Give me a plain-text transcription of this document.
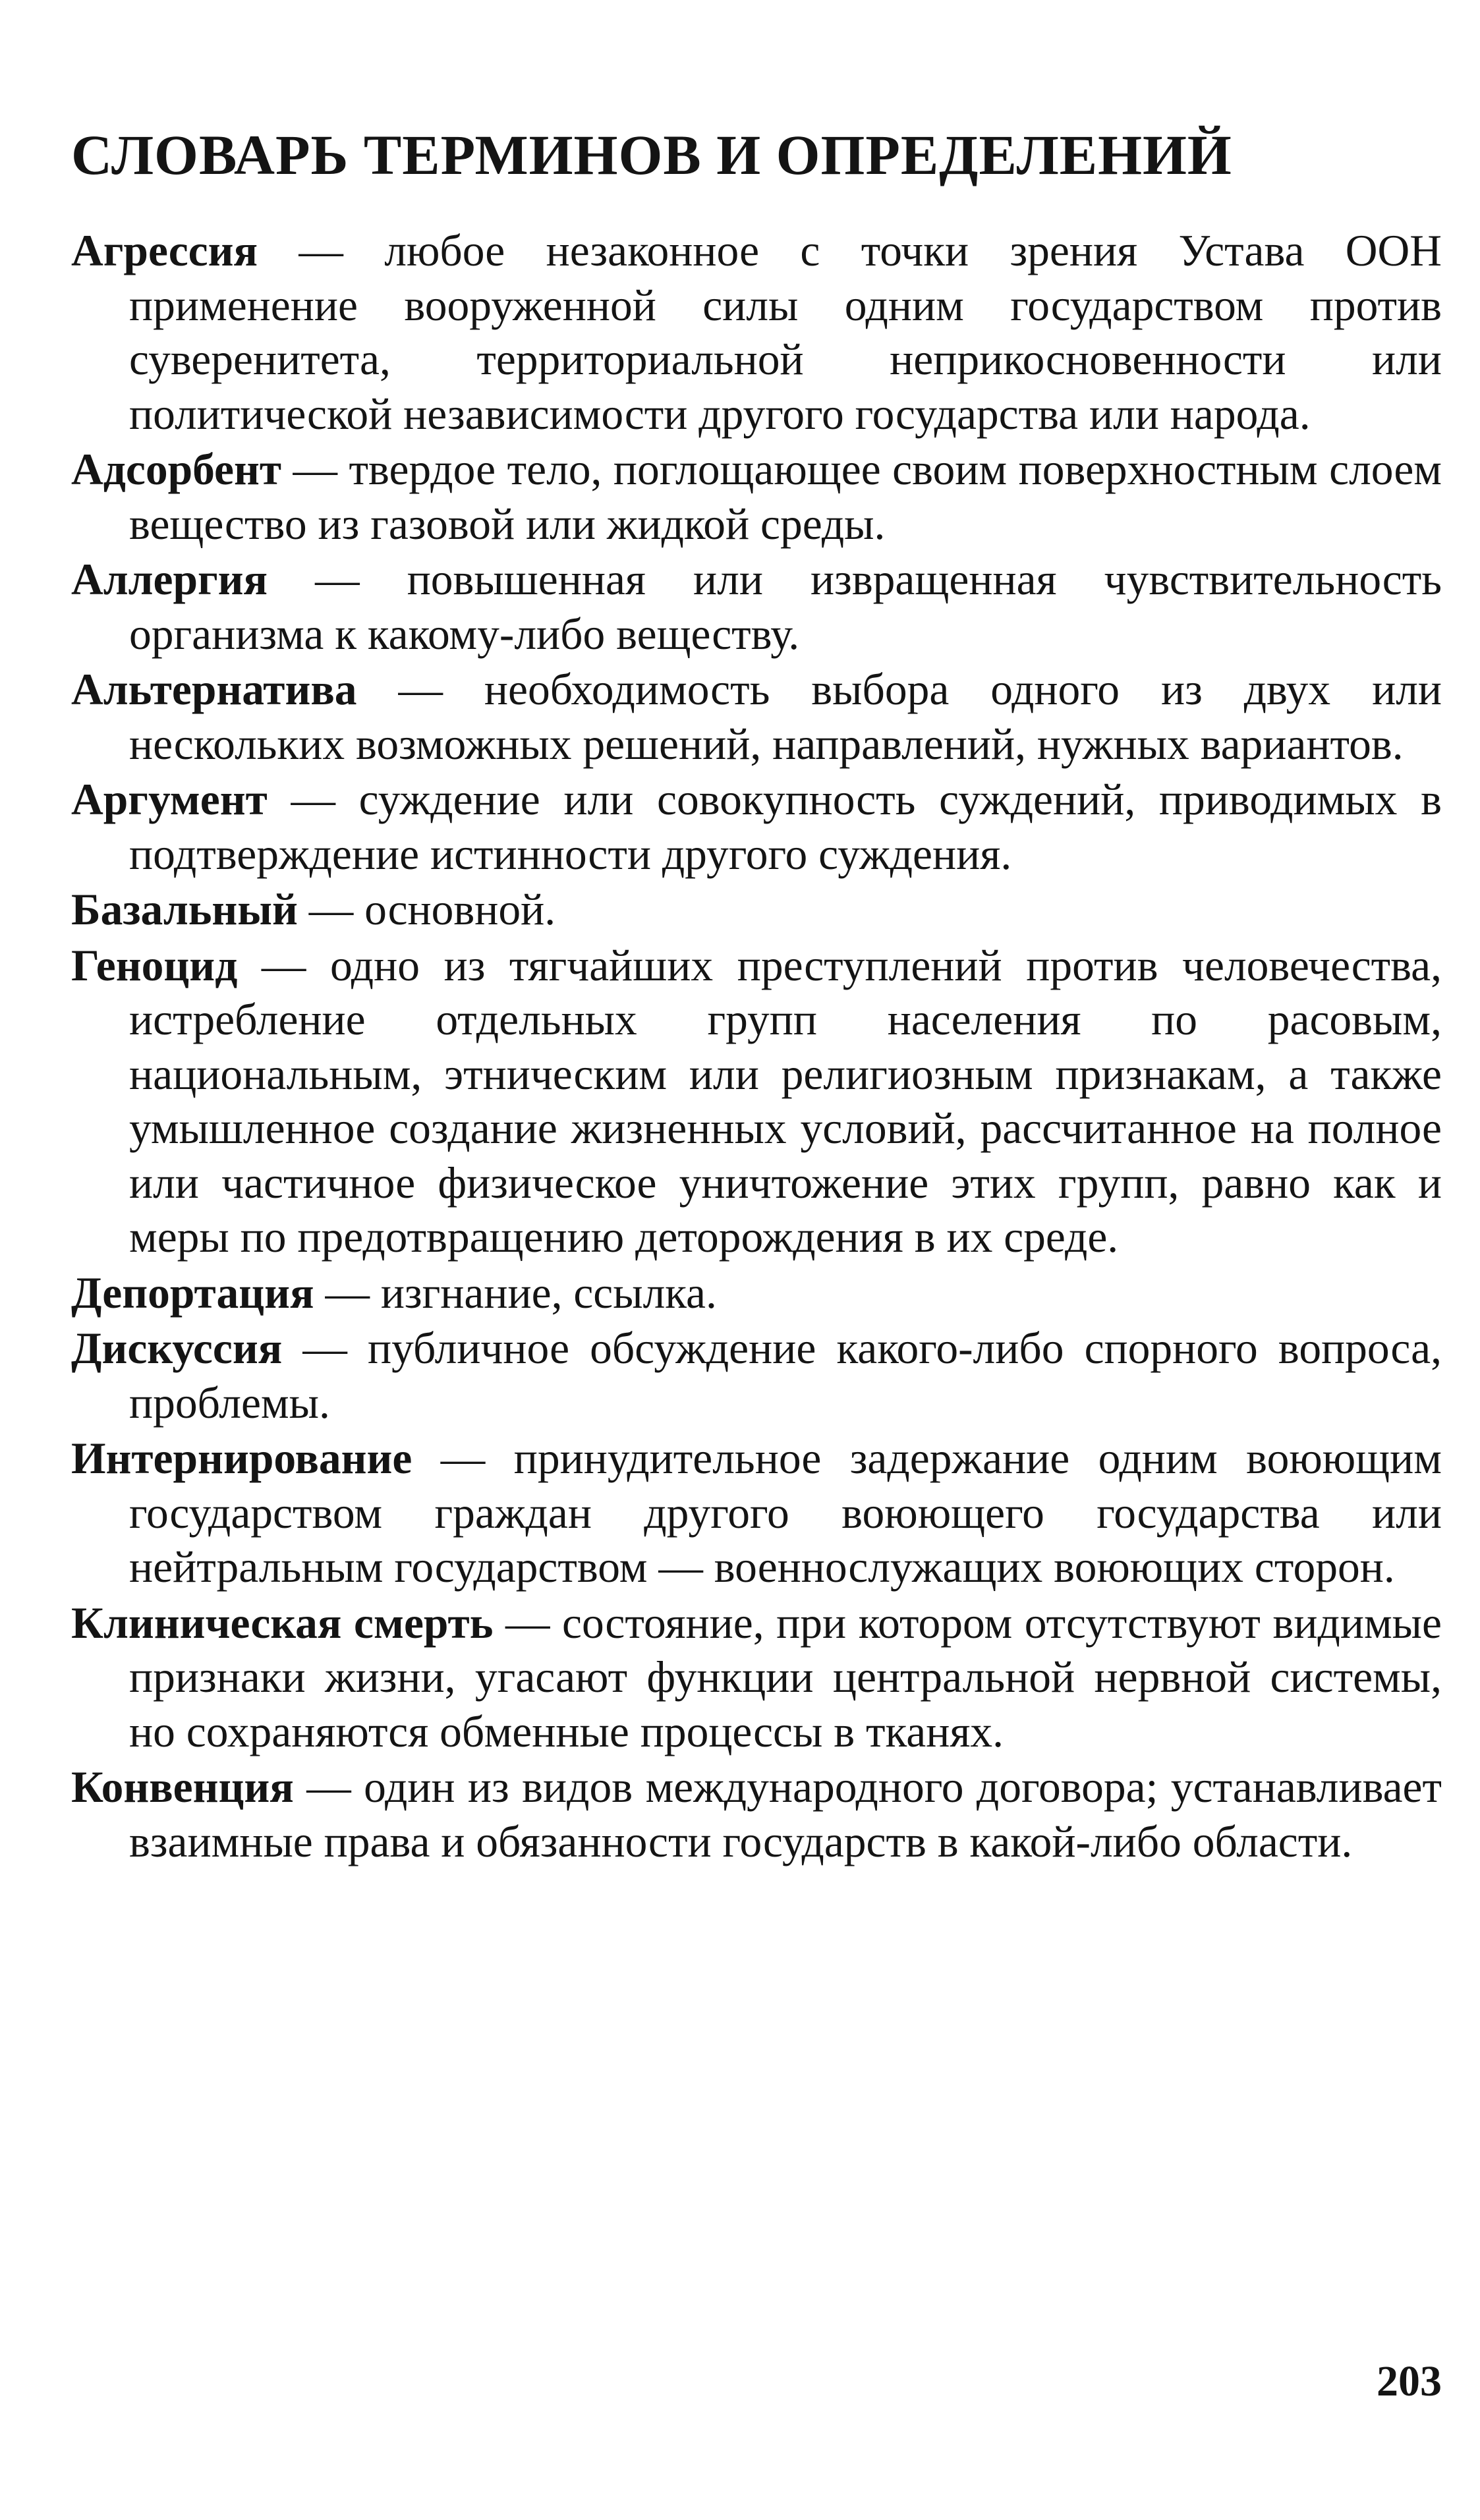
СЛОВАРЬ ТЕРМИНОВ И ОПРЕДЕЛЕНИЙ

Агрессия — любое незаконное с точки зрения Устава ООН применение вооруженной силы одним государством против суверенитета, территориальной неприкосновенности или политической независимости другого государства или народа.

Адсорбент — твердое тело, поглощающее своим поверхностным слоем вещество из газовой или жидкой среды.

Аллергия — повышенная или извращенная чувствительность организма к какому-либо веществу.

Альтернатива — необходимость выбора одного из двух или нескольких возможных решений, направлений, нужных вариантов.

Аргумент — суждение или совокупность суждений, приводимых в подтверждение истинности другого суждения.

Базальный — основной.

Геноцид — одно из тягчайших преступлений против человечества, истребление отдельных групп населения по расовым, национальным, этническим или религиозным признакам, а также умышленное создание жизненных условий, рассчитанное на полное или частичное физическое уничтожение этих групп, равно как и меры по предотвращению деторождения в их среде.

Депортация — изгнание, ссылка.

Дискуссия — публичное обсуждение какого-либо спорного вопроса, проблемы.

Интернирование — принудительное задержание одним воюющим государством граждан другого воюющего государства или нейтральным государством — военнослужащих воюющих сторон.

Клиническая смерть — состояние, при котором отсутствуют видимые признаки жизни, угасают функции центральной нервной системы, но сохраняются обменные процессы в тканях.

Конвенция — один из видов международного договора; устанавливает взаимные права и обязанности государств в какой-либо области.

203
